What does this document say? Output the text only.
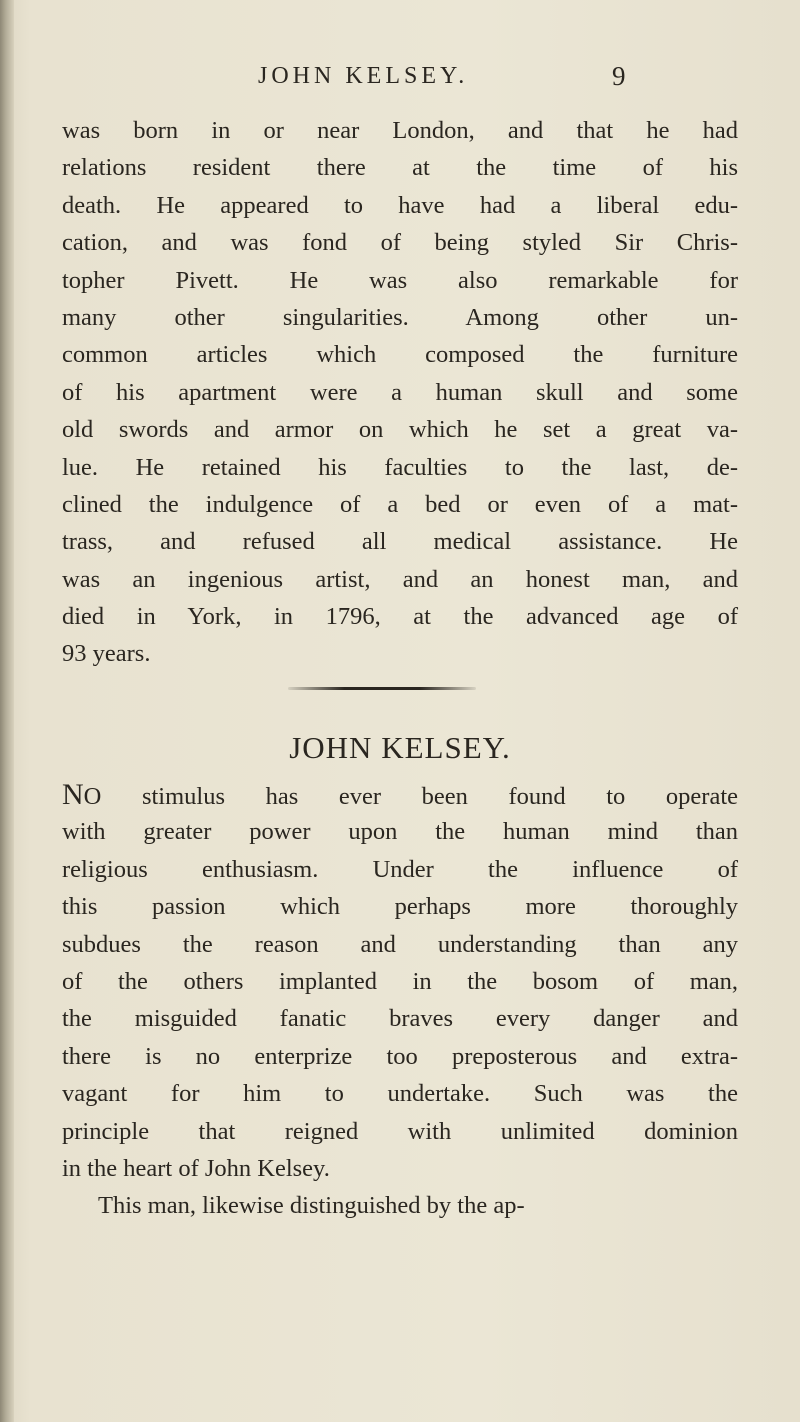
JOHN KELSEY.	9
was born in or near London, and that he had
relations resident there at the time of his
death. He appeared to have had a liberal edu-
cation, and was fond of being styled Sir Chris-
topher Pivett. He was also remarkable for
many other singularities. Among other un-
common articles which composed the furniture
of his apartment were a human skull and some
old swords and armor on which he set a great va-
lue. He retained his faculties to the last, de-
clined the indulgence of a bed or even of a mat-
trass, and refused all medical assistance. He
was an ingenious artist, and an honest man, and
died in York, in 1796, at the advanced age of
93 years.
JOHN KELSEY.
NO stimulus has ever been found to operate
with greater power upon the human mind than
religious enthusiasm. Under the influence of
this passion which perhaps more thoroughly
subdues the reason and understanding than any
of the others implanted in the bosom of man,
the misguided fanatic braves every danger and
there is no enterprize too preposterous and extra-
vagant for him to undertake. Such was the
principle that reigned with unlimited dominion
in the heart of John Kelsey.
This man, likewise distinguished by the ap-
